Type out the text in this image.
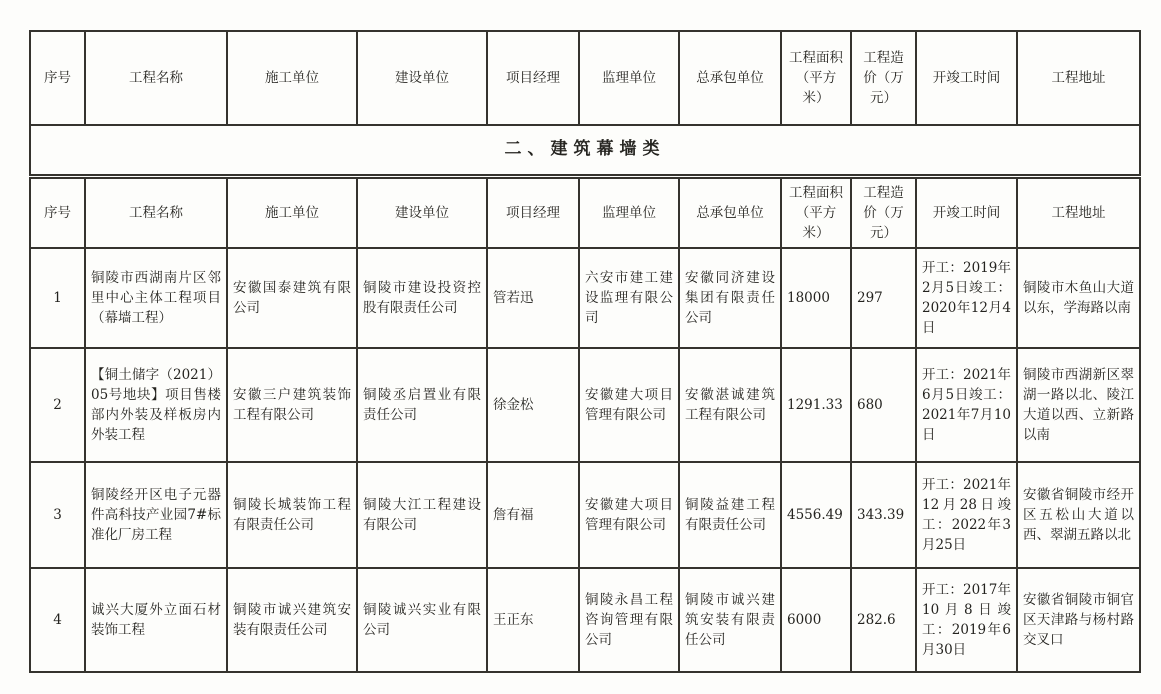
序号	工程名称	施工单位	建设单位	项目经理	监理单位	总承包单位	工程面积（平方米）	工程造价（万元）	开竣工时间	工程地址
二、建筑幕墙类										
序号	工程名称	施工单位	建设单位	项目经理	监理单位	总承包单位	工程面积（平方米）	工程造价（万元）	开竣工时间	工程地址
1	铜陵市西湖南片区邻里中心主体工程项目（幕墙工程）	安徽国泰建筑有限公司	铜陵市建设投资控股有限责任公司	管若迅	六安市建工建设监理有限公司	安徽同济建设集团有限责任公司	18000	297	开工：2019年2月5日竣工：2020年12月4日	铜陵市木鱼山大道以东，学海路以南
2	【铜土储字（2021）05号地块】项目售楼部内外装及样板房内外装工程	安徽三户建筑装饰工程有限公司	铜陵丞启置业有限责任公司	徐金松	安徽建大项目管理有限公司	安徽湛诚建筑工程有限公司	1291.33	680	开工：2021年6月5日竣工：2021年7月10日	铜陵市西湖新区翠湖一路以北、陵江大道以西、立新路以南
3	铜陵经开区电子元器件高科技产业园7#标准化厂房工程	铜陵长城装饰工程有限责任公司	铜陵大江工程建设有限公司	詹有福	安徽建大项目管理有限公司	铜陵益建工程有限责任公司	4556.49	343.39	开工：2021年12月28日竣工：2022年3月25日	安徽省铜陵市经开区五松山大道以西、翠湖五路以北
4	诚兴大厦外立面石材装饰工程	铜陵市诚兴建筑安装有限责任公司	铜陵诚兴实业有限公司	王正东	铜陵永昌工程咨询管理有限公司	铜陵市诚兴建筑安装有限责任公司	6000	282.6	开工：2017年10月8日竣工：2019年6月30日	安徽省铜陵市铜官区天津路与杨村路交叉口
